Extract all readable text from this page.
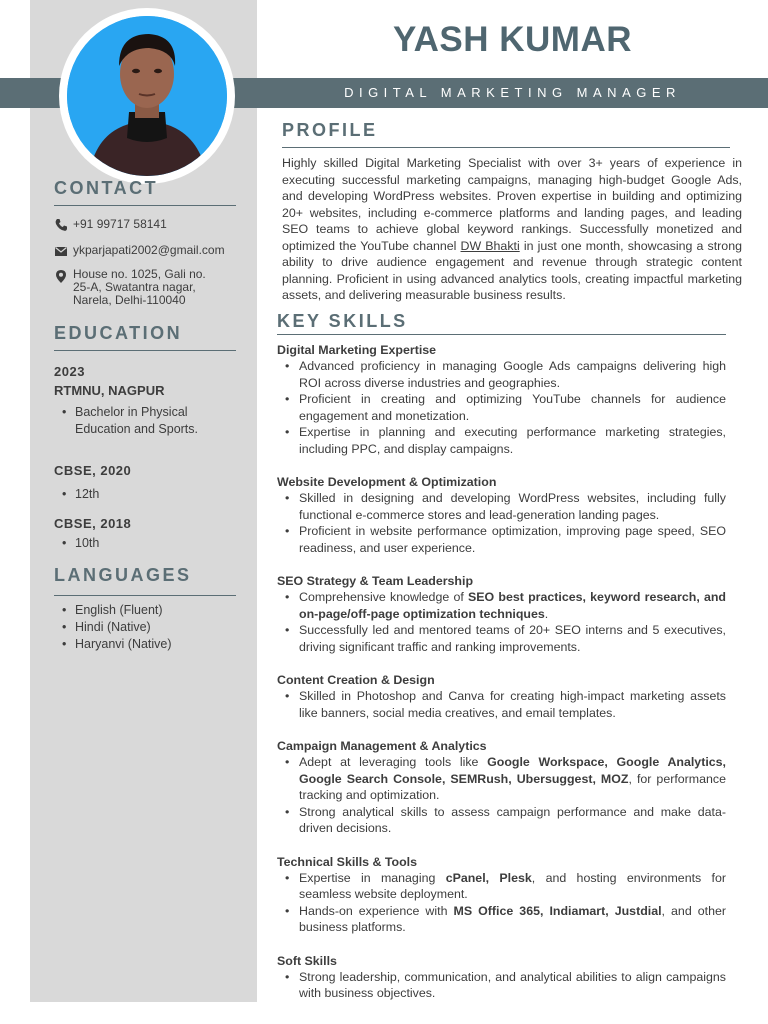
DIGITAL MARKETING MANAGER
YASH KUMAR
CONTACT
+91 99717 58141
ykparjapati2002@gmail.com
House no. 1025, Gali no.
25-A, Swatantra nagar,
Narela, Delhi-110040
EDUCATION
2023
RTMNU, NAGPUR
• Bachelor in Physical
Education and Sports.
CBSE, 2020
• 12th
CBSE, 2018
• 10th
LANGUAGES
• English (Fluent)
• Hindi (Native)
• Haryanvi (Native)
PROFILE
Highly skilled Digital Marketing Specialist with over 3+ years of experience in executing successful marketing campaigns, managing high-budget Google Ads, and developing WordPress websites. Proven expertise in building and optimizing 20+ websites, including e-commerce platforms and landing pages, and leading SEO teams to achieve global keyword rankings. Successfully monetized and optimized the YouTube channel DW Bhakti in just one month, showcasing a strong ability to drive audience engagement and revenue through strategic content planning. Proficient in using advanced analytics tools, creating impactful marketing assets, and delivering measurable business results.
KEY SKILLS
Digital Marketing Expertise
• Advanced proficiency in managing Google Ads campaigns delivering high ROI across diverse industries and geographies.
• Proficient in creating and optimizing YouTube channels for audience engagement and monetization.
• Expertise in planning and executing performance marketing strategies, including PPC, and display campaigns.
Website Development & Optimization
• Skilled in designing and developing WordPress websites, including fully functional e-commerce stores and lead-generation landing pages.
• Proficient in website performance optimization, improving page speed, SEO readiness, and user experience.
SEO Strategy & Team Leadership
• Comprehensive knowledge of SEO best practices, keyword research, and on-page/off-page optimization techniques.
• Successfully led and mentored teams of 20+ SEO interns and 5 executives, driving significant traffic and ranking improvements.
Content Creation & Design
• Skilled in Photoshop and Canva for creating high-impact marketing assets like banners, social media creatives, and email templates.
Campaign Management & Analytics
• Adept at leveraging tools like Google Workspace, Google Analytics, Google Search Console, SEMRush, Ubersuggest, MOZ, for performance tracking and optimization.
• Strong analytical skills to assess campaign performance and make data-driven decisions.
Technical Skills & Tools
• Expertise in managing cPanel, Plesk, and hosting environments for seamless website deployment.
• Hands-on experience with MS Office 365, Indiamart, Justdial, and other business platforms.
Soft Skills
• Strong leadership, communication, and analytical abilities to align campaigns with business objectives.
